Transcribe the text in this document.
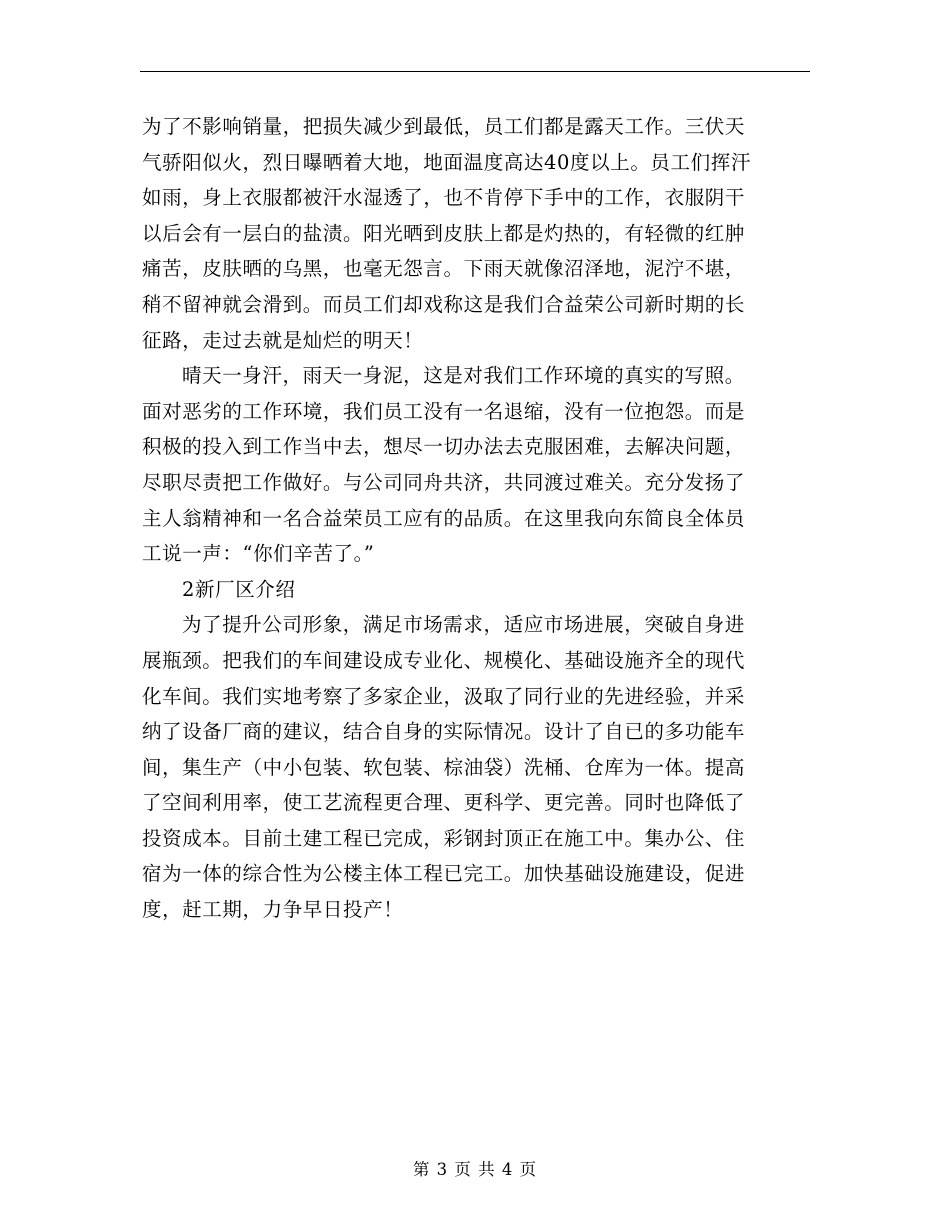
为了不影响销量，把损失减少到最低，员工们都是露天工作。三伏天
气骄阳似火，烈日曝晒着大地，地面温度高达40度以上。员工们挥汗
如雨，身上衣服都被汗水湿透了，也不肯停下手中的工作，衣服阴干
以后会有一层白的盐渍。阳光晒到皮肤上都是灼热的，有轻微的红肿
痛苦，皮肤晒的乌黑，也毫无怨言。下雨天就像沼泽地，泥泞不堪，
稍不留神就会滑到。而员工们却戏称这是我们合益荣公司新时期的长
征路，走过去就是灿烂的明天！
晴天一身汗，雨天一身泥，这是对我们工作环境的真实的写照。
面对恶劣的工作环境，我们员工没有一名退缩，没有一位抱怨。而是
积极的投入到工作当中去，想尽一切办法去克服困难，去解决问题，
尽职尽责把工作做好。与公司同舟共济，共同渡过难关。充分发扬了
主人翁精神和一名合益荣员工应有的品质。在这里我向东简良全体员
工说一声：“你们辛苦了。”
2新厂区介绍
为了提升公司形象，满足市场需求，适应市场进展，突破自身进
展瓶颈。把我们的车间建设成专业化、规模化、基础设施齐全的现代
化车间。我们实地考察了多家企业，汲取了同行业的先进经验，并采
纳了设备厂商的建议，结合自身的实际情况。设计了自已的多功能车
间，集生产（中小包装、软包装、棕油袋）洗桶、仓库为一体。提高
了空间利用率，使工艺流程更合理、更科学、更完善。同时也降低了
投资成本。目前土建工程已完成，彩钢封顶正在施工中。集办公、住
宿为一体的综合性为公楼主体工程已完工。加快基础设施建设，促进
度，赶工期，力争早日投产！
第 3 页 共 4 页
